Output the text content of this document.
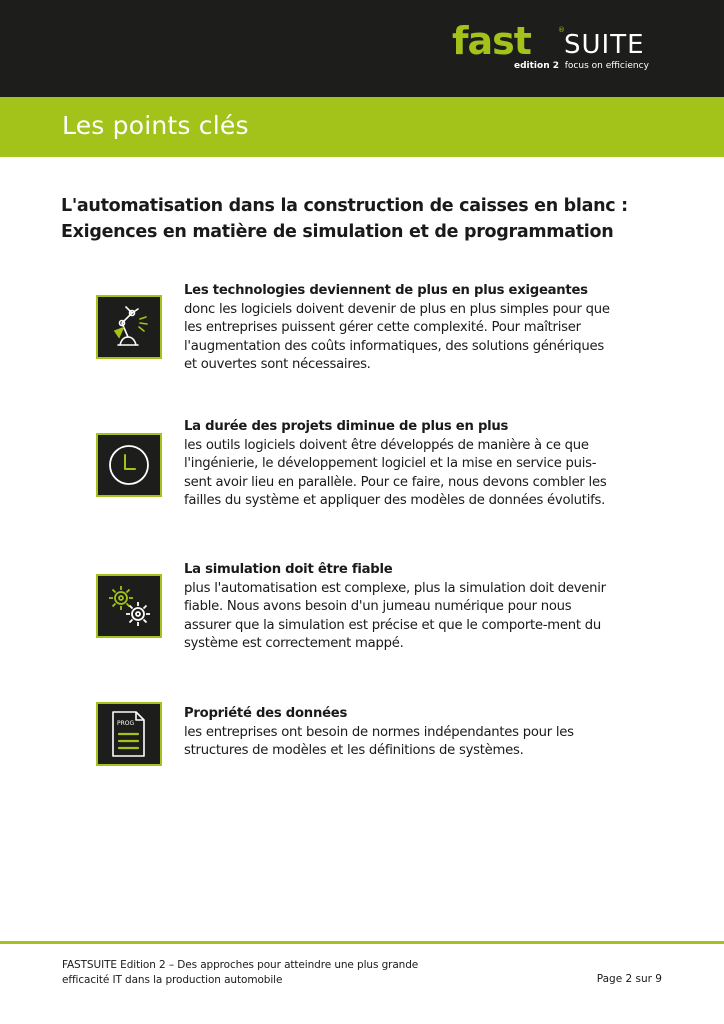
fast	® SUITE
edition 2 focus on efficiency
Les points clés
L'automatisation dans la construction de caisses en blanc :
Exigences en matière de simulation et de programmation
Les technologies deviennent de plus en plus exigeantes
donc les logiciels doivent devenir de plus en plus simples pour que les entreprises puissent gérer cette complexité. Pour maîtriser l'augmentation des coûts informatiques, des solutions génériques et ouvertes sont nécessaires.
La durée des projets diminue de plus en plus
les outils logiciels doivent être développés de manière à ce que l'ingénierie, le développement logiciel et la mise en service puis-sent avoir lieu en parallèle. Pour ce faire, nous devons combler les failles du système et appliquer des modèles de données évolutifs.
La simulation doit être fiable
plus l'automatisation est complexe, plus la simulation doit devenir fiable. Nous avons besoin d'un jumeau numérique pour nous assurer que la simulation est précise et que le comporte-ment du système est correctement mappé.
PROG
Propriété des données
les entreprises ont besoin de normes indépendantes pour les structures de modèles et les définitions de systèmes.
FASTSUITE Edition 2 – Des approches pour atteindre une plus grande
efficacité IT dans la production automobile	Page 2 sur 9
